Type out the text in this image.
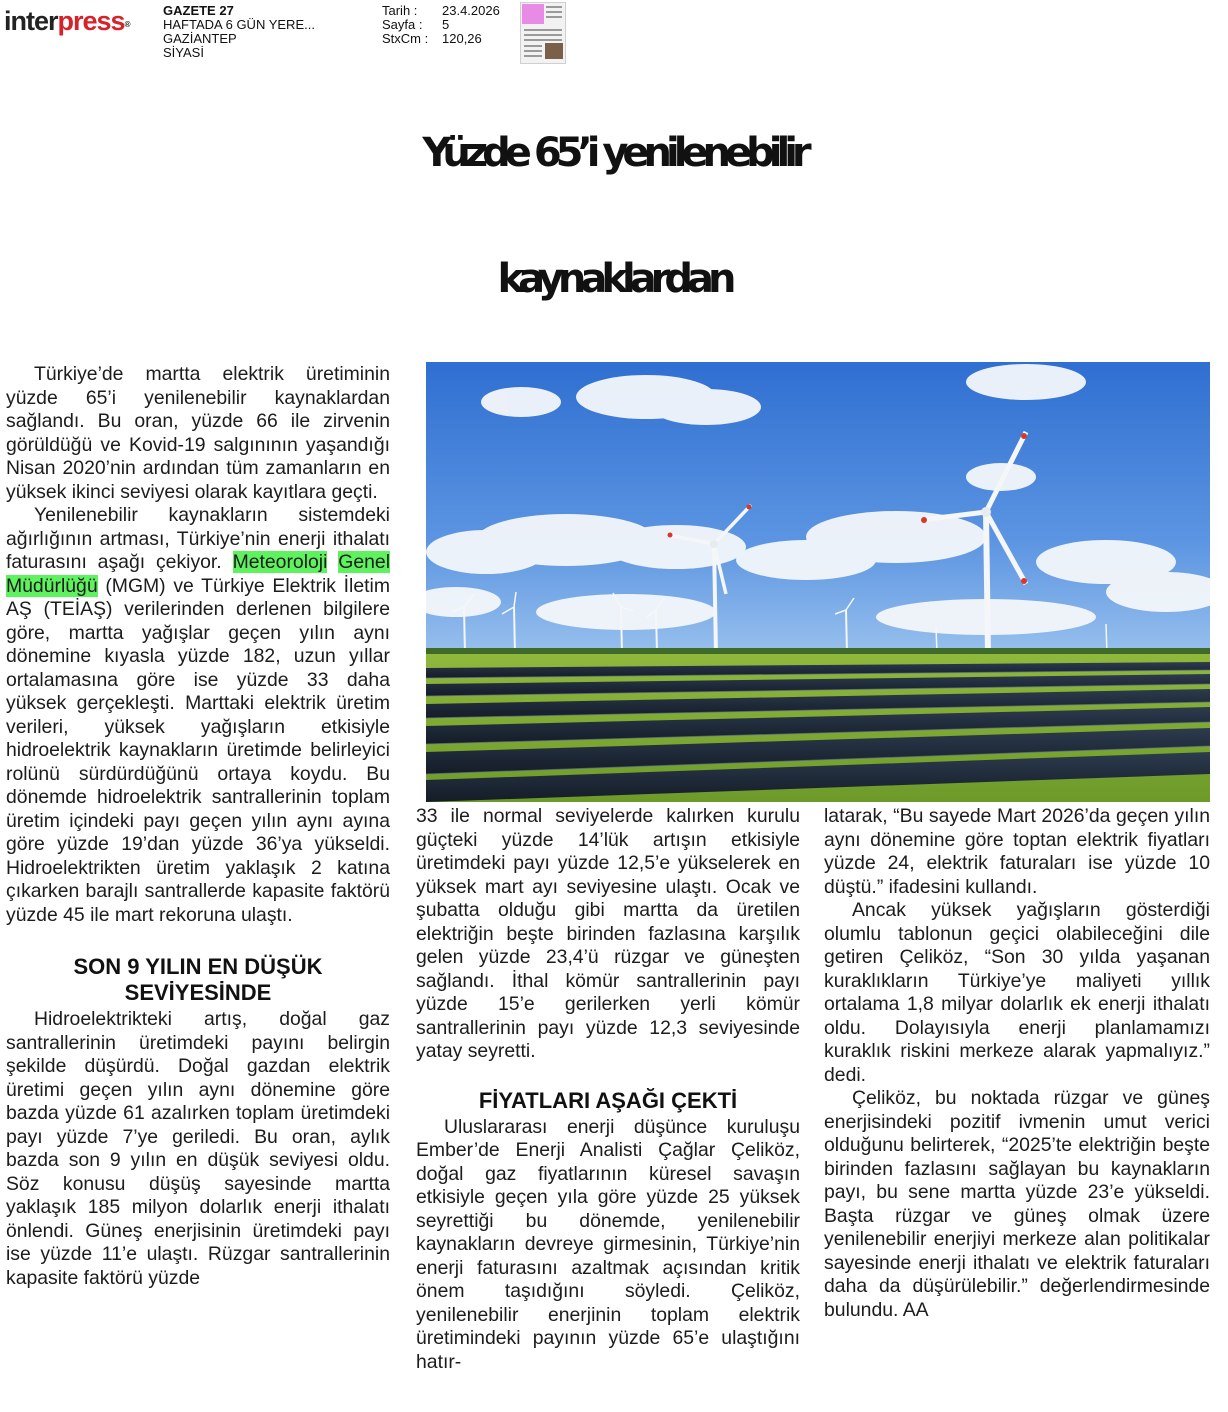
interpress®
GAZETE 27
HAFTADA 6 GÜN YERE...
GAZİANTEP
SİYASİ
Tarih :
Sayfa :
StxCm :
23.4.2026
5
120,26
Yüzde 65’i yenilenebilir
kaynaklardan

Türkiye’de martta elektrik üretiminin yüzde 65’i yenilenebilir kaynaklardan sağlandı. Bu oran, yüzde 66 ile zirvenin görüldüğü ve Kovid-19 salgınının yaşandığı Nisan 2020’nin ardından tüm zamanların en yüksek ikinci seviyesi olarak kayıtlara geçti.

Yenilenebilir kaynakların sistemdeki ağırlığının artması, Türkiye’nin enerji ithalatı faturasını aşağı çekiyor. Meteoroloji Genel Müdürlüğü (MGM) ve Türkiye Elektrik İletim AŞ (TEİAŞ) verilerinden derlenen bilgilere göre, martta yağışlar geçen yılın aynı dönemine kıyasla yüzde 182, uzun yıllar ortalamasına göre ise yüzde 33 daha yüksek gerçekleşti. Marttaki elektrik üretim verileri, yüksek yağışların etkisiyle hidroelektrik kaynakların üretimde belirleyici rolünü sürdürdüğünü ortaya koydu. Bu dönemde hidroelektrik santrallerinin toplam üretim içindeki payı geçen yılın aynı ayına göre yüzde 19’dan yüzde 36’ya yükseldi. Hidroelektrikten üretim yaklaşık 2 katına çıkarken barajlı santrallerde kapasite faktörü yüzde 45 ile mart rekoruna ulaştı.

SON 9 YILIN EN DÜŞÜK SEVİYESİNDE

Hidroelektrikteki artış, doğal gaz santrallerinin üretimdeki payını belirgin şekilde düşürdü. Doğal gazdan elektrik üretimi geçen yılın aynı dönemine göre bazda yüzde 61 azalırken toplam üretimdeki payı yüzde 7’ye geriledi. Bu oran, aylık bazda son 9 yılın en düşük seviyesi oldu. Söz konusu düşüş sayesinde martta yaklaşık 185 milyon dolarlık enerji ithalatı önlendi. Güneş enerjisinin üretimdeki payı ise yüzde 11’e ulaştı. Rüzgar santrallerinin kapasite faktörü yüzde

33 ile normal seviyelerde kalırken kurulu güçteki yüzde 14’lük artışın etkisiyle üretimdeki payı yüzde 12,5’e yükselerek en yüksek mart ayı seviyesine ulaştı. Ocak ve şubatta olduğu gibi martta da üretilen elektriğin beşte birinden fazlasına karşılık gelen yüzde 23,4’ü rüzgar ve güneşten sağlandı. İthal kömür santrallerinin payı yüzde 15’e gerilerken yerli kömür santrallerinin payı yüzde 12,3 seviyesinde yatay seyretti.

FİYATLARI AŞAĞI ÇEKTİ

Uluslararası enerji düşünce kuruluşu Ember’de Enerji Analisti Çağlar Çeliköz, doğal gaz fiyatlarının küresel savaşın etkisiyle geçen yıla göre yüzde 25 yüksek seyrettiği bu dönemde, yenilenebilir kaynakların devreye girmesinin, Türkiye’nin enerji faturasını azaltmak açısından kritik önem taşıdığını söyledi. Çeliköz, yenilenebilir enerjinin toplam elektrik üretimindeki payının yüzde 65’e ulaştığını hatır-

latarak, “Bu sayede Mart 2026’da geçen yılın aynı dönemine göre toptan elektrik fiyatları yüzde 24, elektrik faturaları ise yüzde 10 düştü.” ifadesini kullandı.

Ancak yüksek yağışların gösterdiği olumlu tablonun geçici olabileceğini dile getiren Çeliköz, “Son 30 yılda yaşanan kuraklıkların Türkiye’ye maliyeti yıllık ortalama 1,8 milyar dolarlık ek enerji ithalatı oldu. Dolayısıyla enerji planlamamızı kuraklık riskini merkeze alarak yapmalıyız.” dedi.

Çeliköz, bu noktada rüzgar ve güneş enerjisindeki pozitif ivmenin umut verici olduğunu belirterek, “2025’te elektriğin beşte birinden fazlasını sağlayan bu kaynakların payı, bu sene martta yüzde 23’e yükseldi. Başta rüzgar ve güneş olmak üzere yenilenebilir enerjiyi merkeze alan politikalar sayesinde enerji ithalatı ve elektrik faturaları daha da düşürülebilir.” değerlendirmesinde bulundu. AA
